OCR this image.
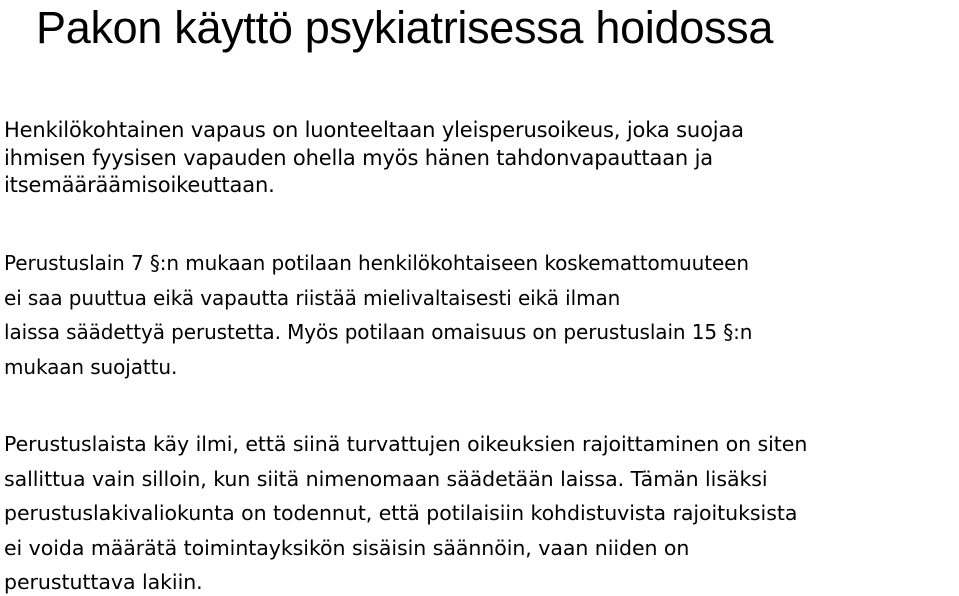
Pakon käyttö psykiatrisessa hoidossa

Henkilökohtainen vapaus on luonteeltaan yleisperusoikeus, joka suojaa
ihmisen fyysisen vapauden ohella myös hänen tahdonvapauttaan ja
itsemääräämisoikeuttaan.

Perustuslain 7 §:n mukaan potilaan henkilökohtaiseen koskemattomuuteen
ei saa puuttua eikä vapautta riistää mielivaltaisesti eikä ilman
laissa säädettyä perustetta. Myös potilaan omaisuus on perustuslain 15 §:n
mukaan suojattu.

Perustuslaista käy ilmi, että siinä turvattujen oikeuksien rajoittaminen on siten
sallittua vain silloin, kun siitä nimenomaan säädetään laissa. Tämän lisäksi
perustuslakivaliokunta on todennut, että potilaisiin kohdistuvista rajoituksista
ei voida määrätä toimintayksikön sisäisin säännöin, vaan niiden on
perustuttava lakiin.
